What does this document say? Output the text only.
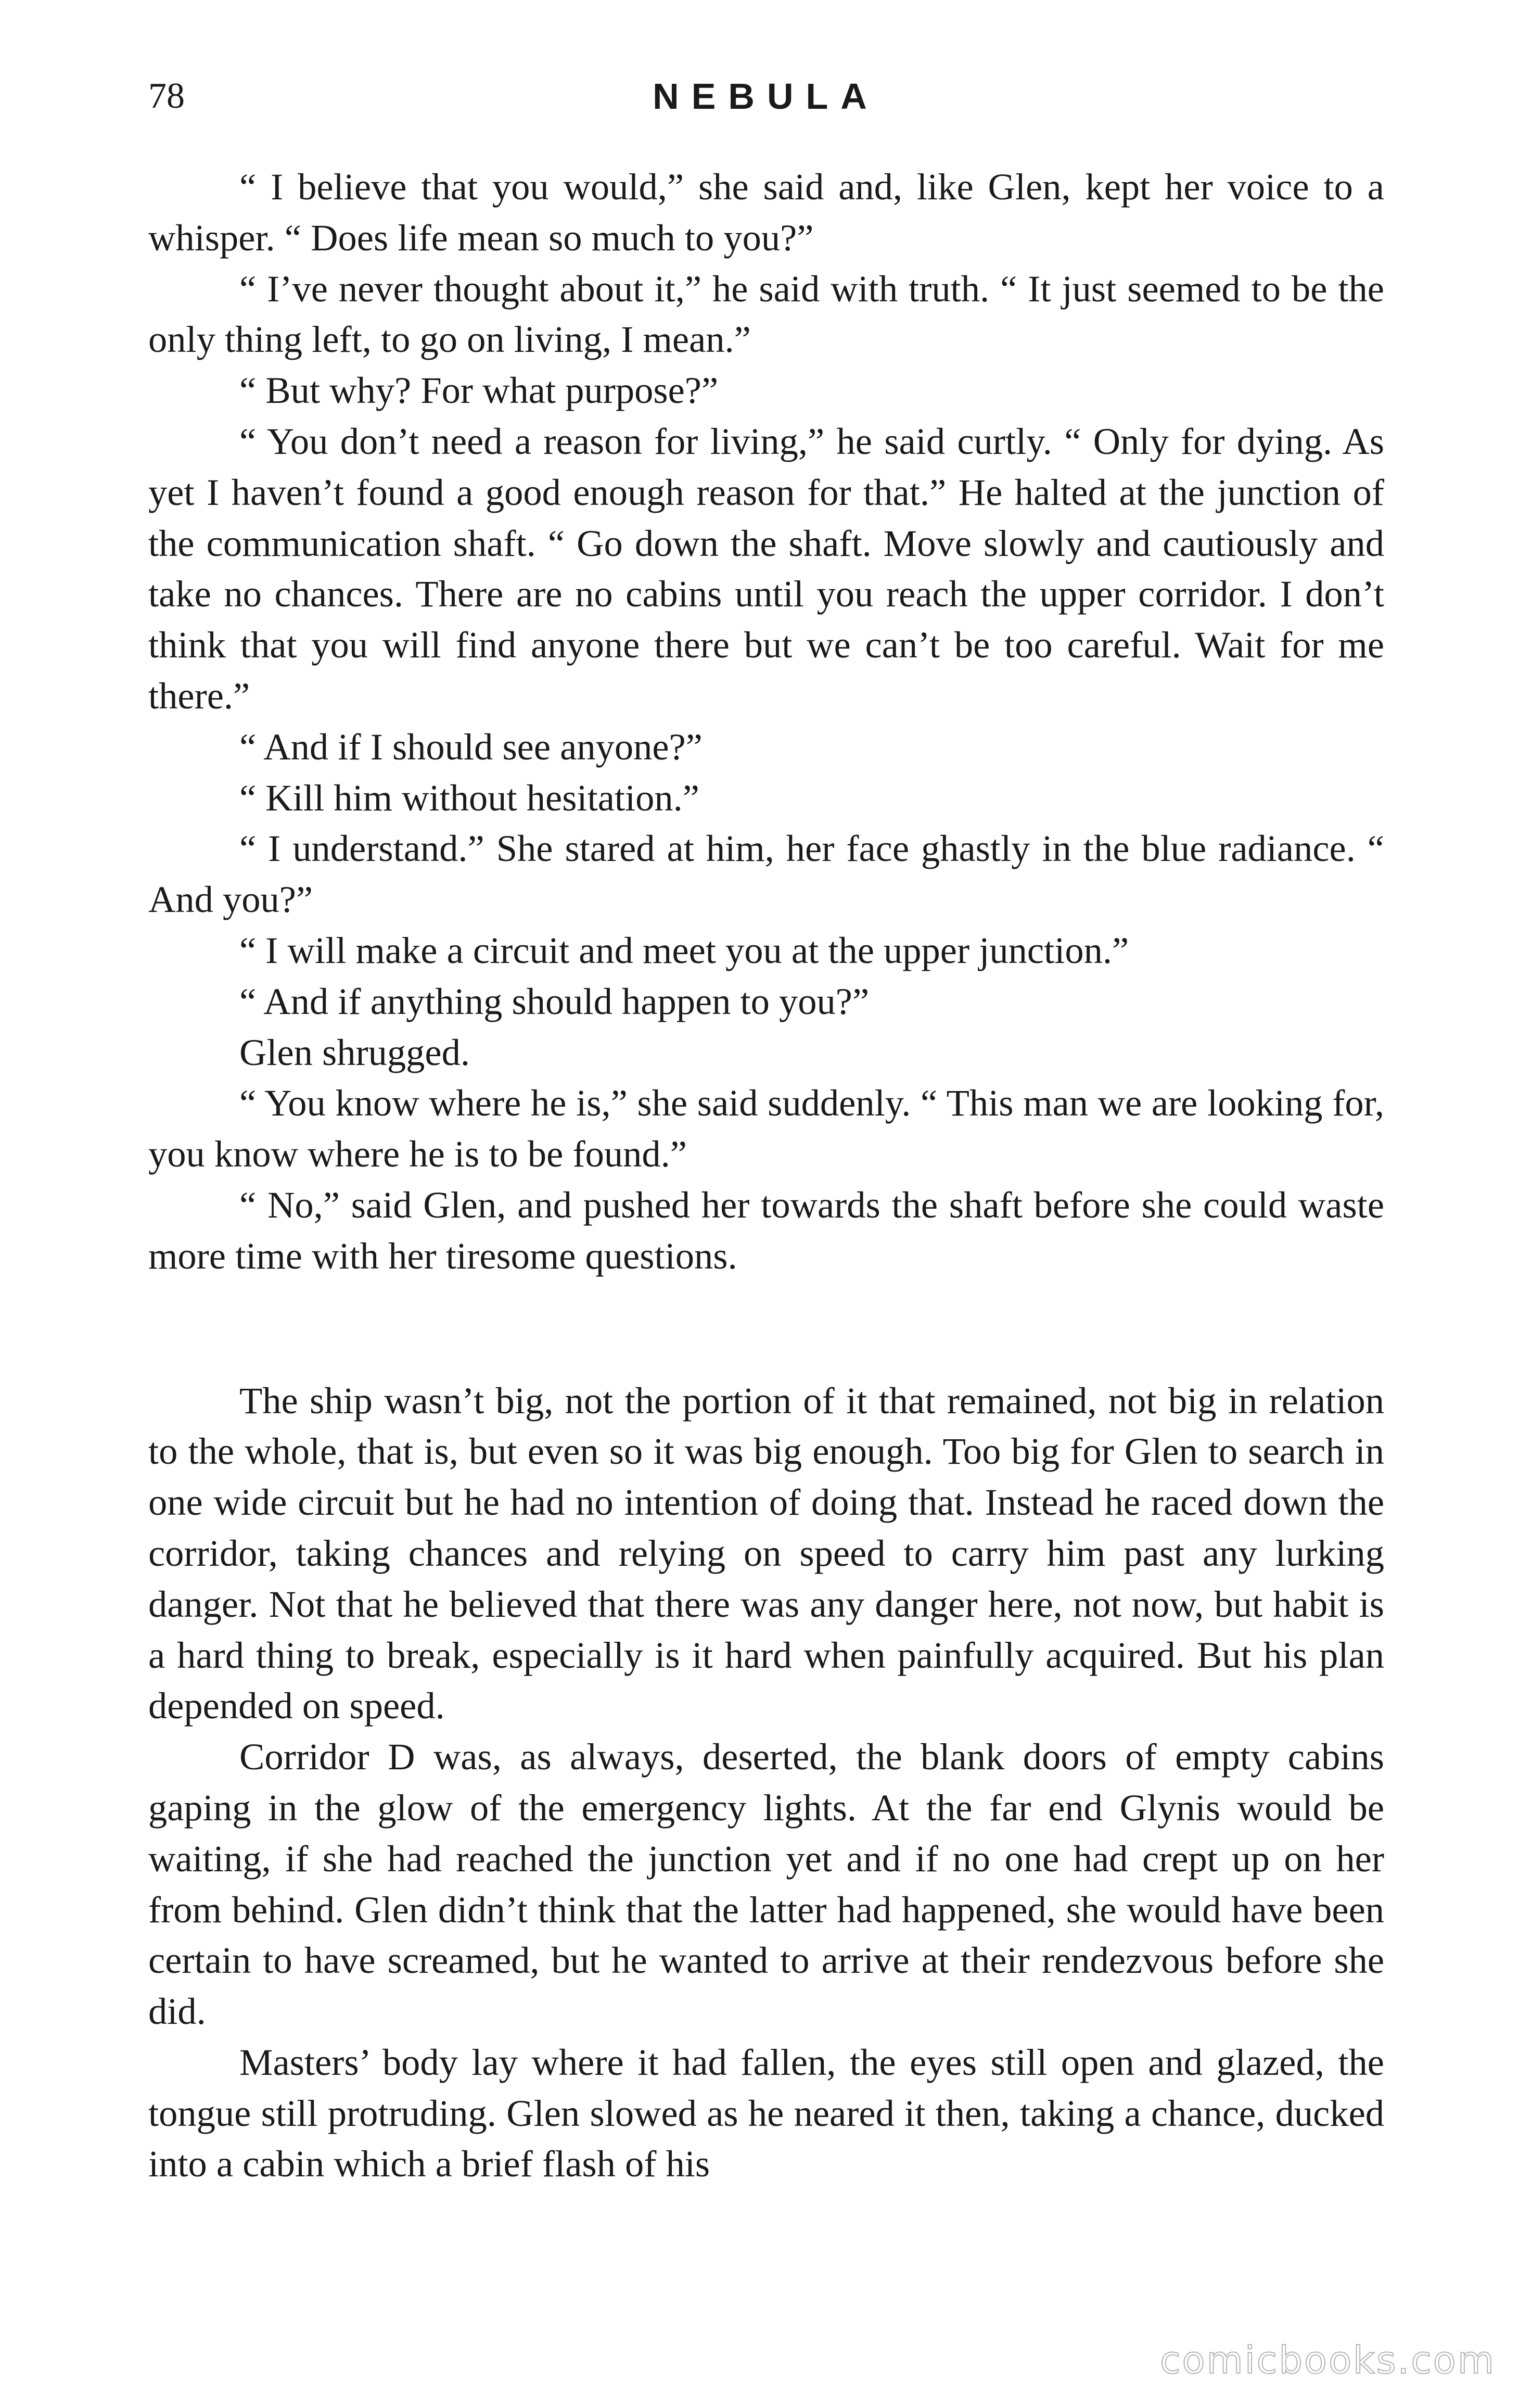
78	NEBULA

“ I believe that you would,” she said and, like Glen, kept her voice to a whisper. “ Does life mean so much to you?”

“ I’ve never thought about it,” he said with truth. “ It just seemed to be the only thing left, to go on living, I mean.”

“ But why? For what purpose?”

“ You don’t need a reason for living,” he said curtly. “ Only for dying. As yet I haven’t found a good enough reason for that.” He halted at the junction of the communication shaft. “ Go down the shaft. Move slowly and cautiously and take no chances. There are no cabins until you reach the upper corridor. I don’t think that you will find anyone there but we can’t be too careful. Wait for me there.”

“ And if I should see anyone?”

“ Kill him without hesitation.”

“ I understand.” She stared at him, her face ghastly in the blue radiance. “ And you?”

“ I will make a circuit and meet you at the upper junction.”

“ And if anything should happen to you?”

Glen shrugged.

“ You know where he is,” she said suddenly. “ This man we are looking for, you know where he is to be found.”

“ No,” said Glen, and pushed her towards the shaft before she could waste more time with her tiresome questions.

The ship wasn’t big, not the portion of it that remained, not big in relation to the whole, that is, but even so it was big enough. Too big for Glen to search in one wide circuit but he had no intention of doing that. Instead he raced down the corridor, taking chances and relying on speed to carry him past any lurking danger. Not that he believed that there was any danger here, not now, but habit is a hard thing to break, especially is it hard when painfully acquired. But his plan depended on speed.

Corridor D was, as always, deserted, the blank doors of empty cabins gaping in the glow of the emergency lights. At the far end Glynis would be waiting, if she had reached the junction yet and if no one had crept up on her from behind. Glen didn’t think that the latter had happened, she would have been certain to have screamed, but he wanted to arrive at their rendezvous before she did.

Masters’ body lay where it had fallen, the eyes still open and glazed, the tongue still protruding. Glen slowed as he neared it then, taking a chance, ducked into a cabin which a brief flash of his

comicbooks.com
